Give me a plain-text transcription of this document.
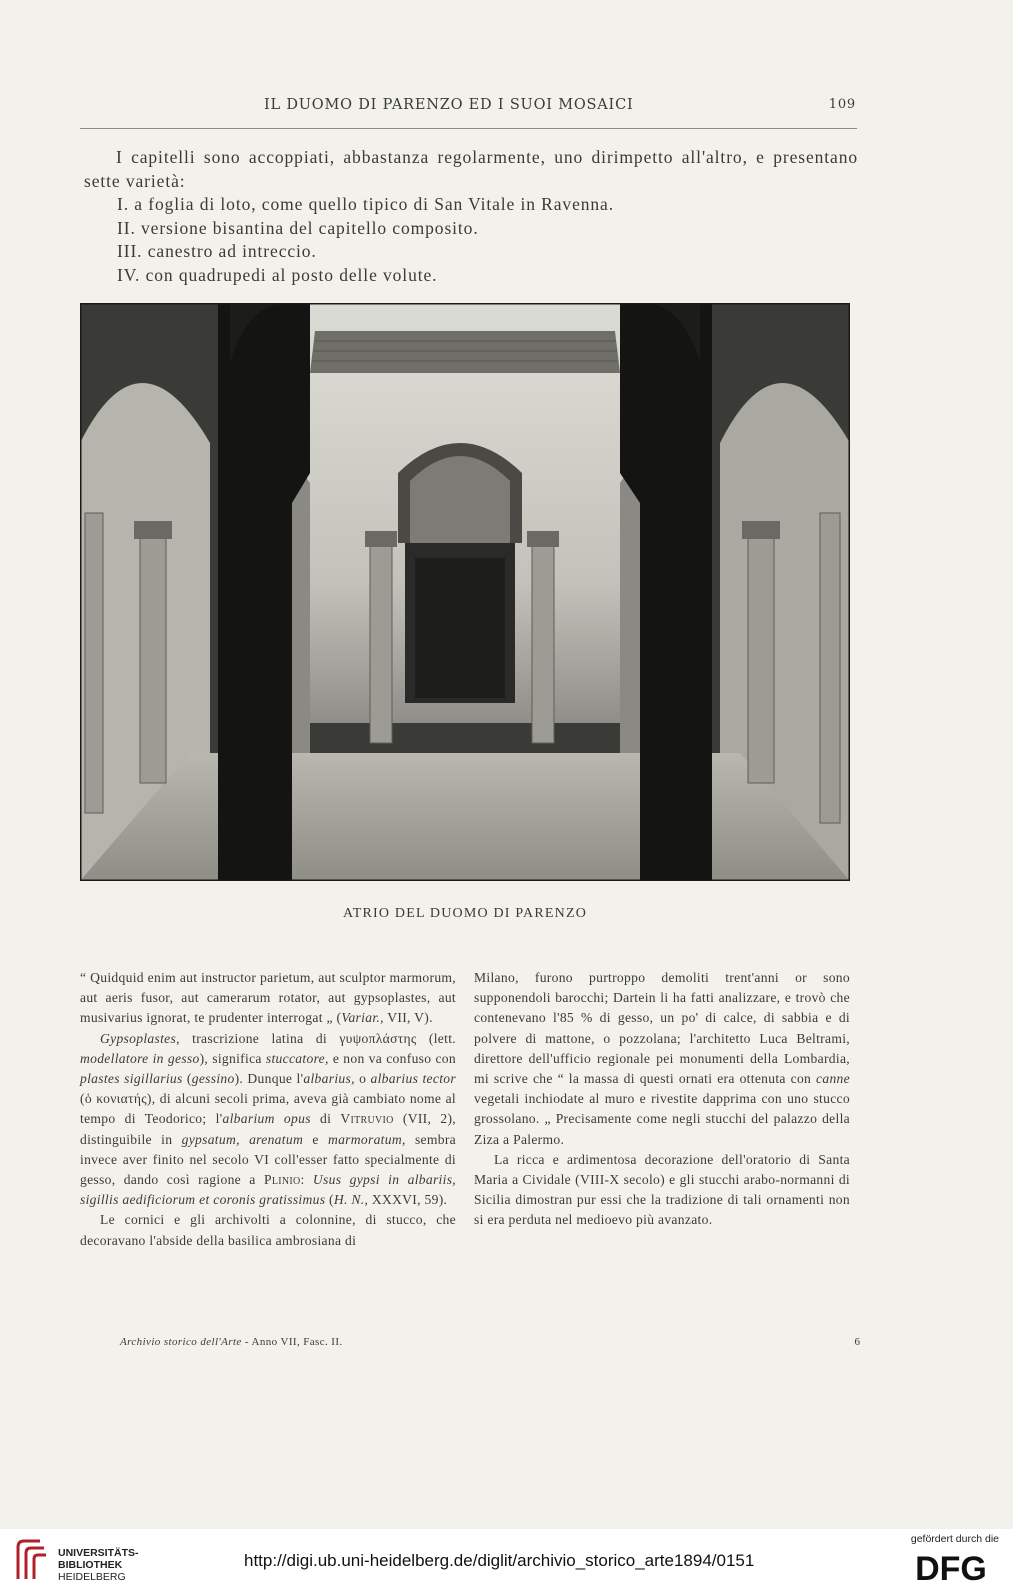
IL DUOMO DI PARENZO ED I SUOI MOSAICI	109

I capitelli sono accoppiati, abbastanza regolarmente, uno dirimpetto all'altro, e presentano sette varietà:

I. a foglia di loto, come quello tipico di San Vitale in Ravenna.

II. versione bisantina del capitello composito.

III. canestro ad intreccio.

IV. con quadrupedi al posto delle volute.

ATRIO DEL DUOMO DI PARENZO

“ Quidquid enim aut instructor parietum, aut sculptor marmorum, aut aeris fusor, aut camerarum rotator, aut gypsoplastes, aut musivarius ignorat, te prudenter interrogat „ (Variar., VII, V).

Gypsoplastes, trascrizione latina di γυψοπλάστης (lett. modellatore in gesso), significa stuccatore, e non va confuso con plastes sigillarius (gessino). Dunque l'albarius, o albarius tector (ὁ κονιατής), di alcuni secoli prima, aveva già cambiato nome al tempo di Teodorico; l'albarium opus di Vitruvio (VII, 2), distinguibile in gypsatum, arenatum e marmoratum, sembra invece aver finito nel secolo VI coll'esser fatto specialmente di gesso, dando così ragione a Plinio: Usus gypsi in albariis, sigillis aedificiorum et coronis gratissimus (H. N., XXXVI, 59).

Le cornici e gli archivolti a colonnine, di stucco, che decoravano l'abside della basilica ambrosiana di

Milano, furono purtroppo demoliti trent'anni or sono supponendoli barocchi; Dartein li ha fatti analizzare, e trovò che contenevano l'85 % di gesso, un po' di calce, di sabbia e di polvere di mattone, o pozzolana; l'architetto Luca Beltrami, direttore dell'ufficio regionale pei monumenti della Lombardia, mi scrive che “ la massa di questi ornati era ottenuta con canne vegetali inchiodate al muro e rivestite dapprima con uno stucco grossolano. „ Precisamente come negli stucchi del palazzo della Ziza a Palermo.

La ricca e ardimentosa decorazione dell'oratorio di Santa Maria a Cividale (VIII-X secolo) e gli stucchi arabo-normanni di Sicilia dimostran pur essi che la tradizione di tali ornamenti non si era perduta nel medioevo più avanzato.

Archivio storico dell'Arte - Anno VII, Fasc. II.	6
UNIVERSITÄTS-
BIBLIOTHEK
HEIDELBERG
http://digi.ub.uni-heidelberg.de/diglit/archivio_storico_arte1894/0151
gefördert durch die
DFG
